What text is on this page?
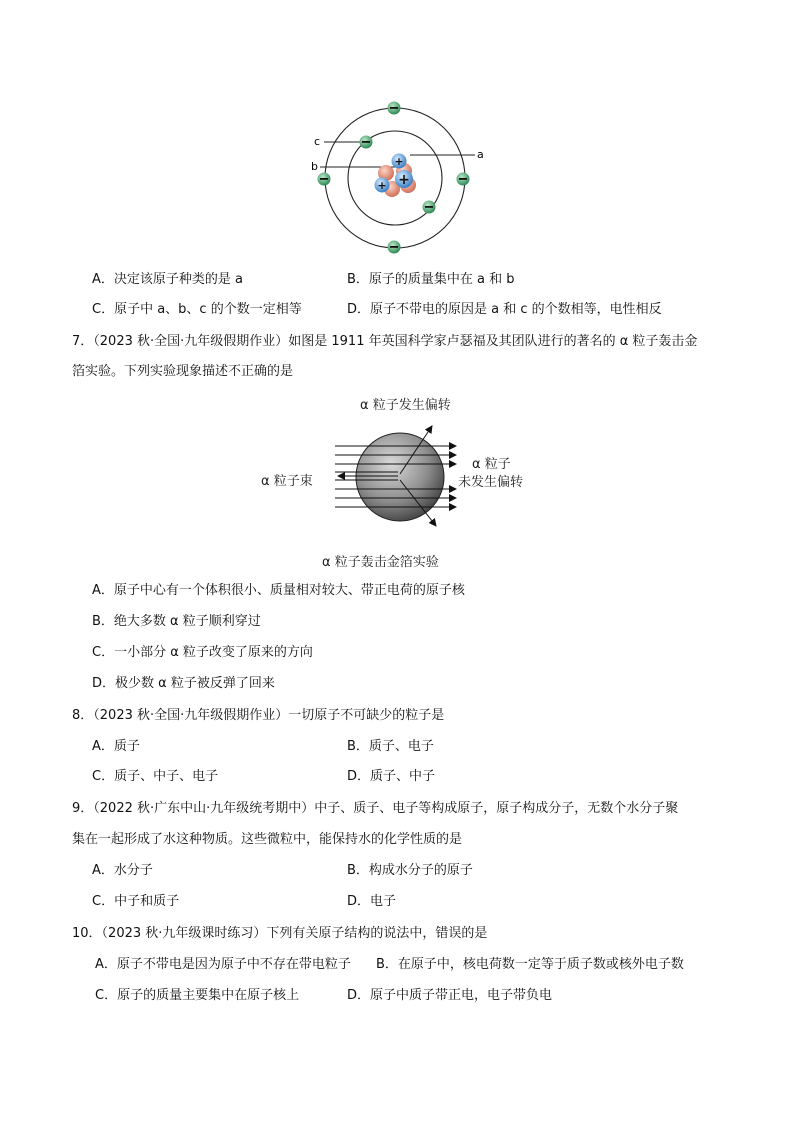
a
b
c
+
+ +
A．决定该原子种类的是 a	B．原子的质量集中在 a 和 b
C．原子中 a、b、c 的个数一定相等	D．原子不带电的原因是 a 和 c 的个数相等，电性相反
7．（2023 秋·全国·九年级假期作业）如图是 1911 年英国科学家卢瑟福及其团队进行的著名的 α 粒子轰击金
箔实验。下列实验现象描述不正确的是
α 粒子发生偏转
α 粒子束
α 粒子
未发生偏转
α 粒子轰击金箔实验
A．原子中心有一个体积很小、质量相对较大、带正电荷的原子核
B．绝大多数 α 粒子顺利穿过
C．一小部分 α 粒子改变了原来的方向
D．极少数 α 粒子被反弹了回来
8．（2023 秋·全国·九年级假期作业）一切原子不可缺少的粒子是
A．质子	B．质子、电子
C．质子、中子、电子	D．质子、中子
9．（2022 秋·广东中山·九年级统考期中）中子、质子、电子等构成原子，原子构成分子，无数个水分子聚
集在一起形成了水这种物质。这些微粒中，能保持水的化学性质的是
A．水分子	B．构成水分子的原子
C．中子和质子	D．电子
10．（2023 秋·九年级课时练习）下列有关原子结构的说法中，错误的是
A．原子不带电是因为原子中不存在带电粒子 B．在原子中，核电荷数一定等于质子数或核外电子数
C．原子的质量主要集中在原子核上	D．原子中质子带正电，电子带负电
